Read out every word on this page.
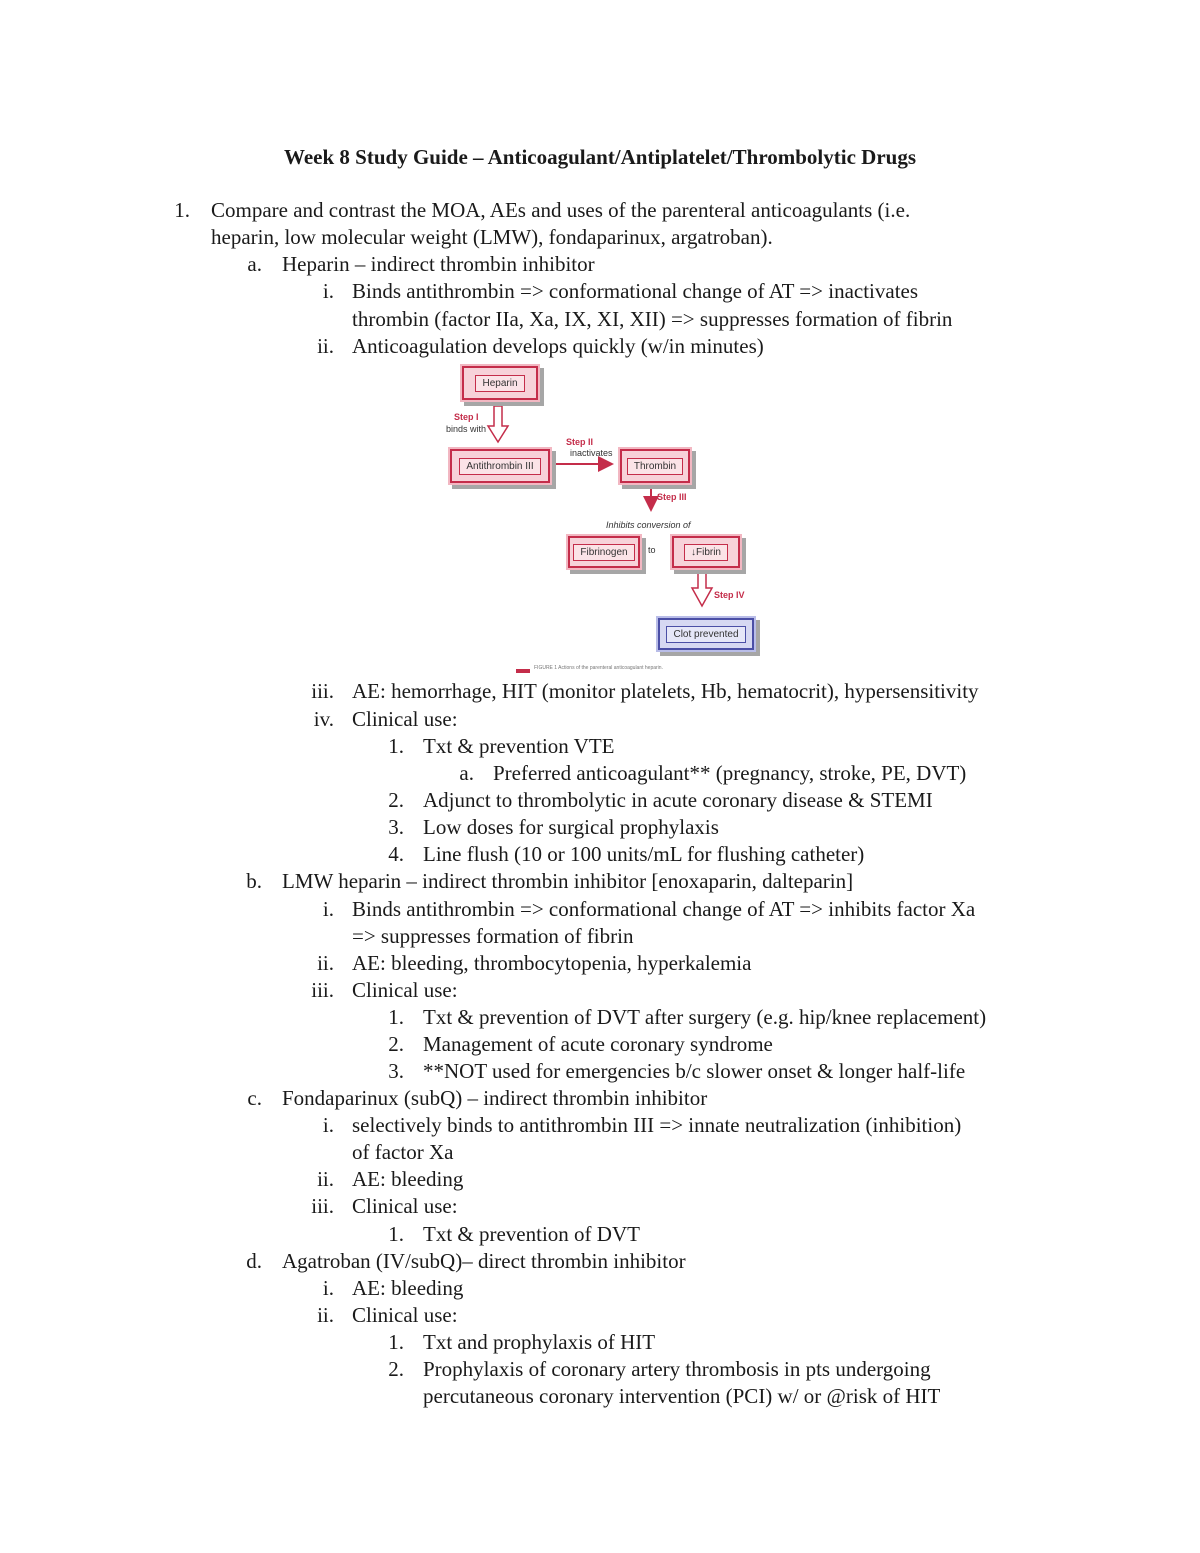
Week 8 Study Guide – Anticoagulant/Antiplatelet/Thrombolytic Drugs
1. Compare and contrast the MOA, AEs and uses of the parenteral anticoagulants (i.e.
heparin, low molecular weight (LMW), fondaparinux, argatroban).
a. Heparin – indirect thrombin inhibitor
i. Binds antithrombin => conformational change of AT => inactivates
thrombin (factor IIa, Xa, IX, XI, XII) => suppresses formation of fibrin
ii. Anticoagulation develops quickly (w/in minutes)
Heparin
Step I
binds with
Antithrombin III
Step II
inactivates
Thrombin
Step III
Inhibits conversion of
Fibrinogen	to	↓Fibrin
Step IV
Clot prevented
FIGURE 1 Actions of the parenteral anticoagulant heparin.
iii. AE: hemorrhage, HIT (monitor platelets, Hb, hematocrit), hypersensitivity
iv. Clinical use:
1. Txt & prevention VTE
a. Preferred anticoagulant** (pregnancy, stroke, PE, DVT)
2. Adjunct to thrombolytic in acute coronary disease & STEMI
3. Low doses for surgical prophylaxis
4. Line flush (10 or 100 units/mL for flushing catheter)
b. LMW heparin – indirect thrombin inhibitor [enoxaparin, dalteparin]
i. Binds antithrombin => conformational change of AT => inhibits factor Xa
=> suppresses formation of fibrin
ii. AE: bleeding, thrombocytopenia, hyperkalemia
iii. Clinical use:
1. Txt & prevention of DVT after surgery (e.g. hip/knee replacement)
2. Management of acute coronary syndrome
3. **NOT used for emergencies b/c slower onset & longer half-life
c. Fondaparinux (subQ) – indirect thrombin inhibitor
i. selectively binds to antithrombin III => innate neutralization (inhibition)
of factor Xa
ii. AE: bleeding
iii. Clinical use:
1. Txt & prevention of DVT
d. Agatroban (IV/subQ)– direct thrombin inhibitor
i. AE: bleeding
ii. Clinical use:
1. Txt and prophylaxis of HIT
2. Prophylaxis of coronary artery thrombosis in pts undergoing
percutaneous coronary intervention (PCI) w/ or @risk of HIT
